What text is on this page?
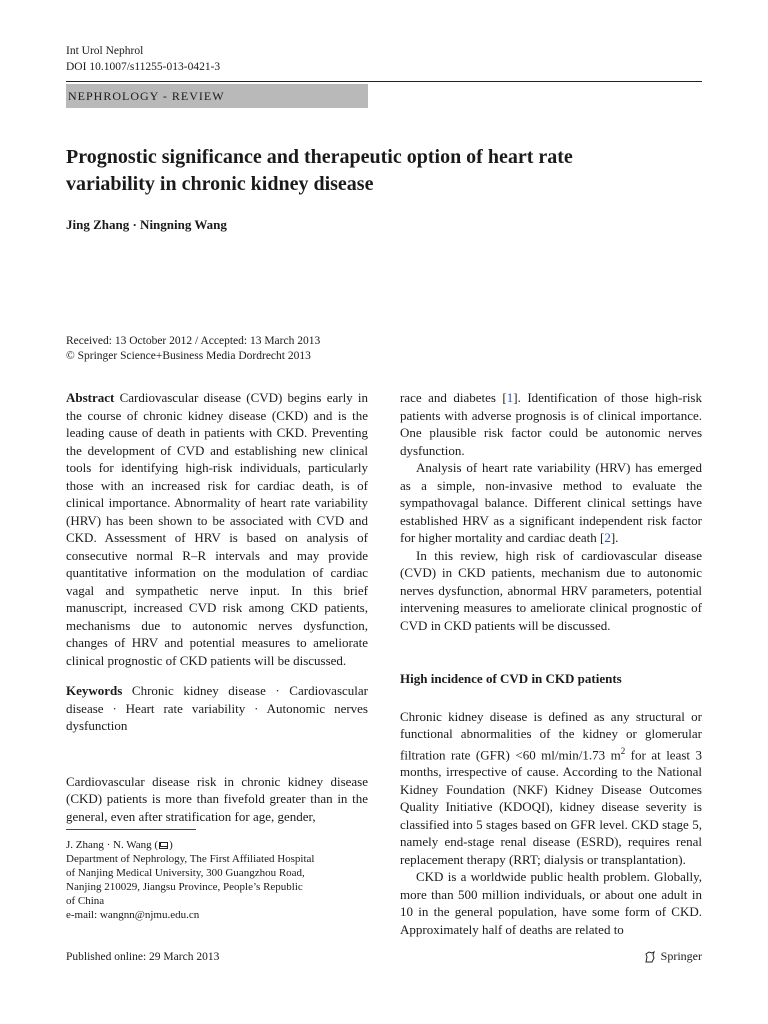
Int Urol Nephrol
DOI 10.1007/s11255-013-0421-3
NEPHROLOGY - REVIEW
Prognostic significance and therapeutic option of heart rate
variability in chronic kidney disease
Jing Zhang · Ningning Wang
Received: 13 October 2012 / Accepted: 13 March 2013
© Springer Science+Business Media Dordrecht 2013

Abstract Cardiovascular disease (CVD) begins early in the course of chronic kidney disease (CKD) and is the leading cause of death in patients with CKD. Preventing the development of CVD and establishing new clinical tools for identifying high-risk individuals, particularly those with an increased risk for cardiac death, is of clinical importance. Abnormality of heart rate variability (HRV) has been shown to be associated with CVD and CKD. Assessment of HRV is based on analysis of consecutive normal R–R intervals and may provide quantitative information on the modulation of cardiac vagal and sympathetic nerve input. In this brief manuscript, increased CVD risk among CKD patients, mechanisms due to autonomic nerves dysfunction, changes of HRV and potential measures to ameliorate clinical prognostic of CKD patients will be discussed.

Keywords Chronic kidney disease · Cardiovascular disease · Heart rate variability · Autonomic nerves dysfunction

Cardiovascular disease risk in chronic kidney disease (CKD) patients is more than fivefold greater than in the general, even after stratification for age, gender,

J. Zhang · N. Wang ( )
Department of Nephrology, The First Affiliated Hospital
of Nanjing Medical University, 300 Guangzhou Road,
Nanjing 210029, Jiangsu Province, People’s Republic
of China
e-mail: wangnn@njmu.edu.cn

race and diabetes [1]. Identification of those high-risk patients with adverse prognosis is of clinical importance. One plausible risk factor could be autonomic nerves dysfunction.

Analysis of heart rate variability (HRV) has emerged as a simple, non-invasive method to evaluate the sympathovagal balance. Different clinical settings have established HRV as a significant independent risk factor for higher mortality and cardiac death [2].

In this review, high risk of cardiovascular disease (CVD) in CKD patients, mechanism due to autonomic nerves dysfunction, abnormal HRV parameters, potential intervening measures to ameliorate clinical prognostic of CVD in CKD patients will be discussed.

High incidence of CVD in CKD patients

Chronic kidney disease is defined as any structural or functional abnormalities of the kidney or glomerular filtration rate (GFR) <60 ml/min/1.73 $m^2$ for at least 3 months, irrespective of cause. According to the National Kidney Foundation (NKF) Kidney Disease Outcomes Quality Initiative (KDOQI), kidney disease severity is classified into 5 stages based on GFR level. CKD stage 5, namely end-stage renal disease (ESRD), requires renal replacement therapy (RRT; dialysis or transplantation).

CKD is a worldwide public health problem. Globally, more than 500 million individuals, or about one adult in 10 in the general population, have some form of CKD. Approximately half of deaths are related to

Published online: 29 March 2013	Springer
